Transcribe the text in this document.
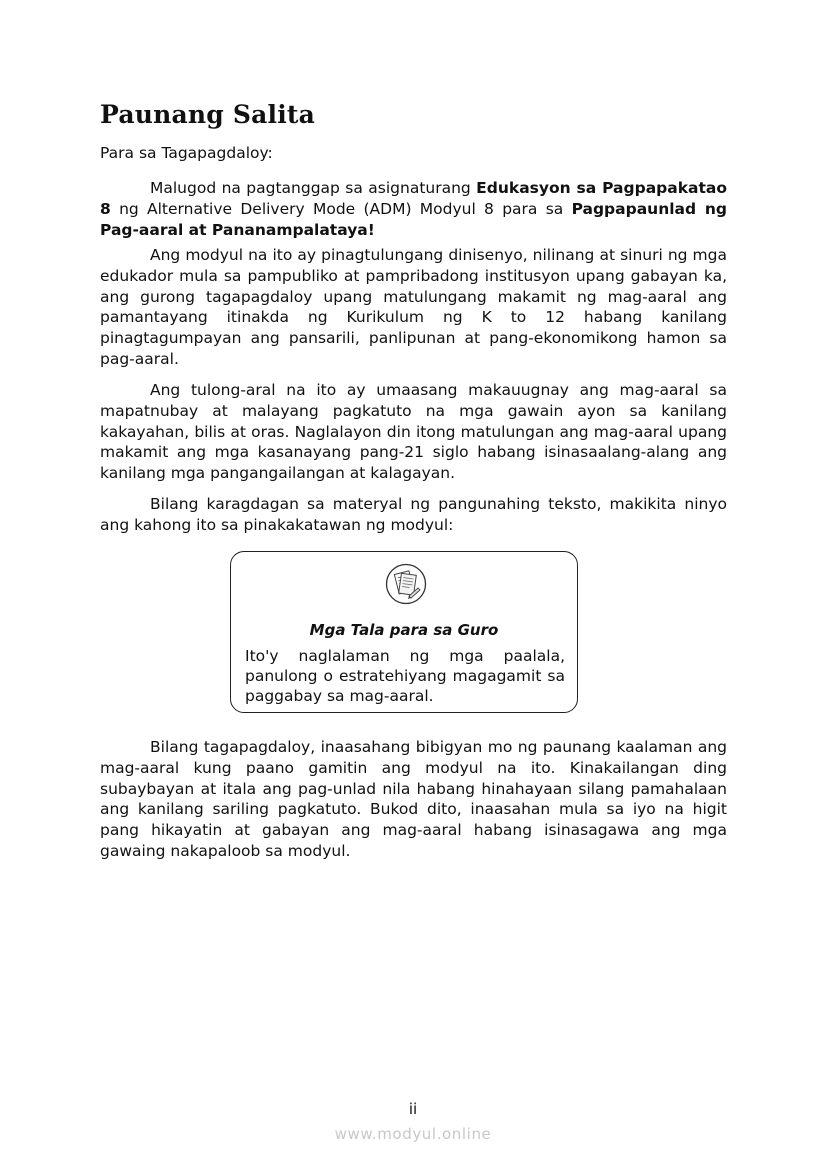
Paunang Salita
Para sa Tagapagdaloy:

Malugod na pagtanggap sa asignaturang Edukasyon sa Pagpapakatao 8 ng Alternative Delivery Mode (ADM) Modyul 8 para sa Pagpapaunlad ng Pag-aaral at Pananampalataya!

Ang modyul na ito ay pinagtulungang dinisenyo, nilinang at sinuri ng mga edukador mula sa pampubliko at pampribadong institusyon upang gabayan ka, ang gurong tagapagdaloy upang matulungang makamit ng mag-aaral ang pamantayang itinakda ng Kurikulum ng K to 12 habang kanilang pinagtagumpayan ang pansarili, panlipunan at pang-ekonomikong hamon sa pag-aaral.

Ang tulong-aral na ito ay umaasang makauugnay ang mag-aaral sa mapatnubay at malayang pagkatuto na mga gawain ayon sa kanilang kakayahan, bilis at oras. Naglalayon din itong matulungan ang mag-aaral upang makamit ang mga kasanayang pang-21 siglo habang isinasaalang-alang ang kanilang mga pangangailangan at kalagayan.

Bilang karagdagan sa materyal ng pangunahing teksto, makikita ninyo ang kahong ito sa pinakakatawan ng modyul:

Mga Tala para sa Guro

Ito'y naglalaman ng mga paalala, panulong o estratehiyang magagamit sa paggabay sa mag-aaral.

Bilang tagapagdaloy, inaasahang bibigyan mo ng paunang kaalaman ang mag-aaral kung paano gamitin ang modyul na ito. Kinakailangan ding subaybayan at itala ang pag-unlad nila habang hinahayaan silang pamahalaan ang kanilang sariling pagkatuto. Bukod dito, inaasahan mula sa iyo na higit pang hikayatin at gabayan ang mag-aaral habang isinasagawa ang mga gawaing nakapaloob sa modyul.

ii
www.modyul.online
